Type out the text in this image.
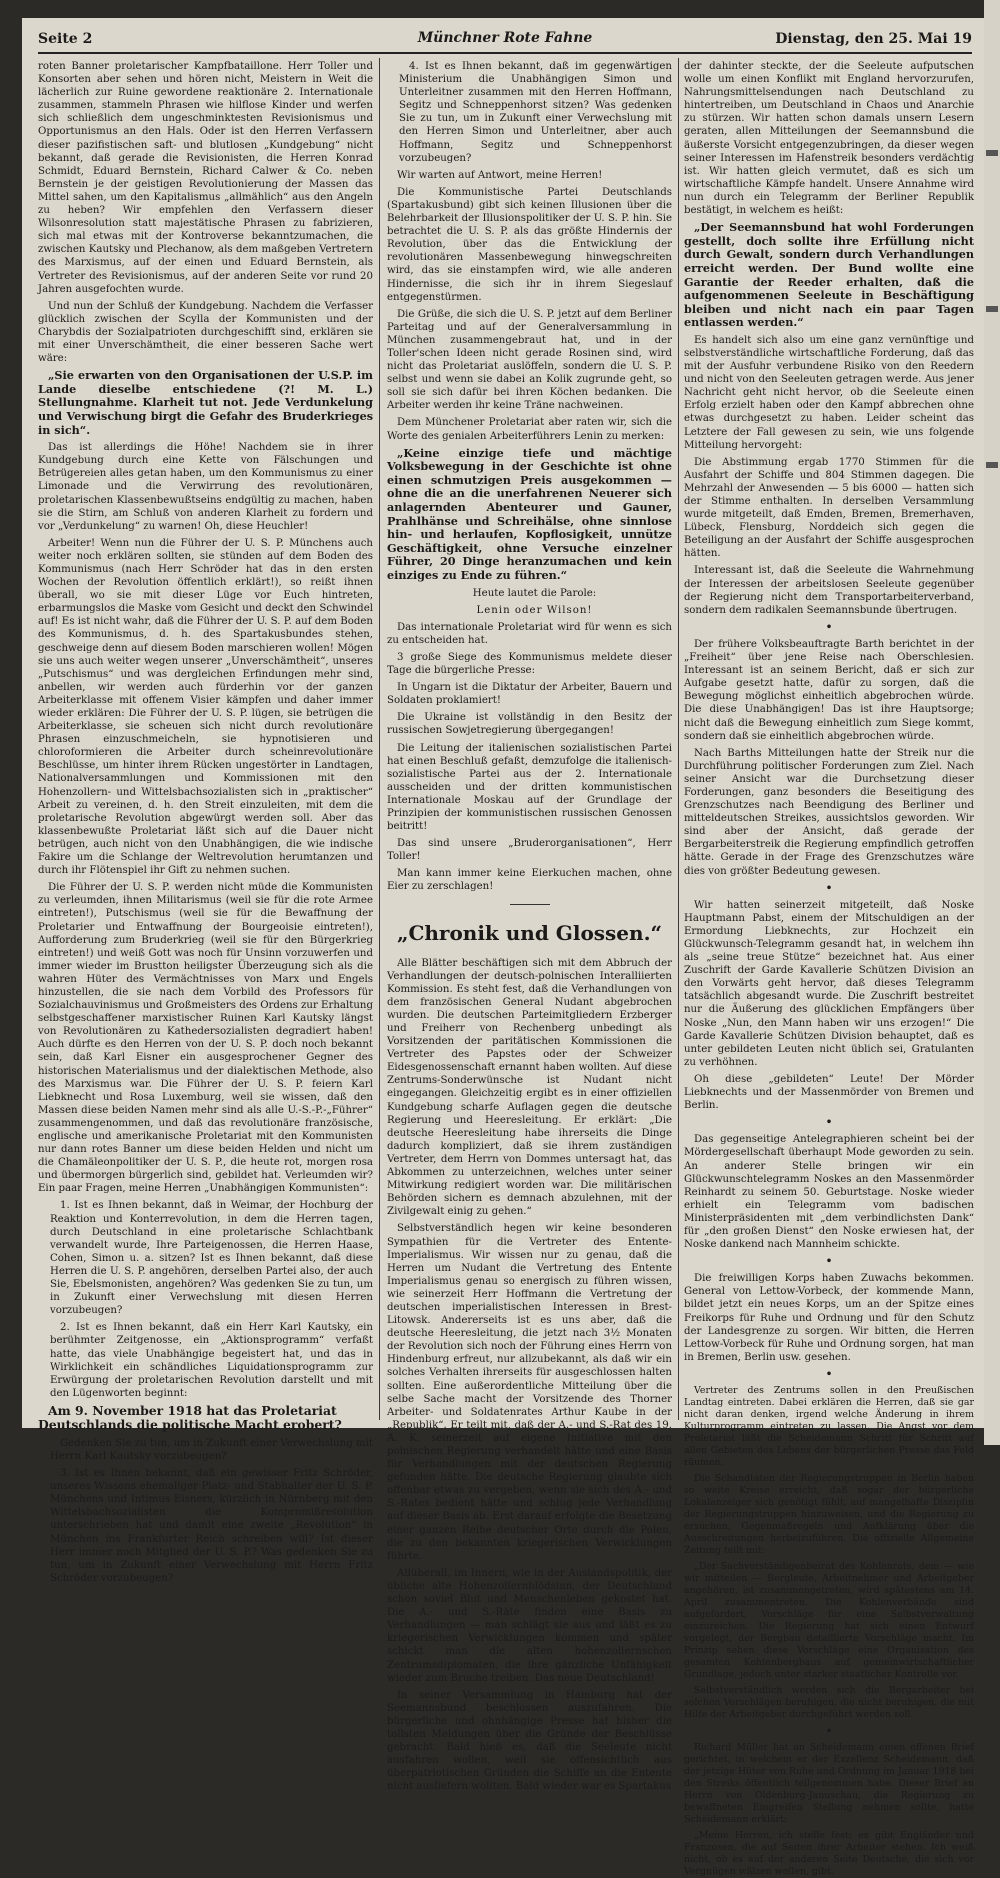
Seite 2	Münchner Rote Fahne	Dienstag, den 25. Mai 19

roten Banner proletarischer Kampfbataillone. Herr Toller und Konsorten aber sehen und hören nicht, Meistern in Weit die lächerlich zur Ruine gewordene reaktionäre 2. Internationale zusammen, stammeln Phrasen wie hilflose Kinder und werfen sich schließlich dem ungeschminktesten Revisionismus und Opportunismus an den Hals. Oder ist den Herren Verfassern dieser pazifistischen saft- und blutlosen „Kundgebung“ nicht bekannt, daß gerade die Revisionisten, die Herren Konrad Schmidt, Eduard Bernstein, Richard Calwer & Co. neben Bernstein je der geistigen Revolutionierung der Massen das Mittel sahen, um den Kapitalismus „allmählich“ aus den Angeln zu heben? Wir empfehlen den Verfassern dieser Wilsonresolution statt majestätische Phrasen zu fabrizieren, sich mal etwas mit der Kontroverse bekanntzumachen, die zwischen Kautsky und Plechanow, als dem maßgeben Vertretern des Marxismus, auf der einen und Eduard Bernstein, als Vertreter des Revisionismus, auf der anderen Seite vor rund 20 Jahren ausgefochten wurde.

Und nun der Schluß der Kundgebung. Nachdem die Verfasser glücklich zwischen der Scylla der Kommunisten und der Charybdis der Sozialpatrioten durchgeschifft sind, erklären sie mit einer Unverschämtheit, die einer besseren Sache wert wäre:

„Sie erwarten von den Organisationen der U.S.P. im Lande dieselbe entschiedene (?! M. L.) Stellungnahme. Klarheit tut not. Jede Verdunkelung und Verwischung birgt die Gefahr des Bruderkrieges in sich“.

Das ist allerdings die Höhe! Nachdem sie in ihrer Kundgebung durch eine Kette von Fälschungen und Betrügereien alles getan haben, um den Kommunismus zu einer Limonade und die Verwirrung des revolutionären, proletarischen Klassenbewußtseins endgültig zu machen, haben sie die Stirn, am Schluß von anderen Klarheit zu fordern und vor „Verdunkelung“ zu warnen! Oh, diese Heuchler!

Arbeiter! Wenn nun die Führer der U. S. P. Münchens auch weiter noch erklären sollten, sie stünden auf dem Boden des Kommunismus (nach Herr Schröder hat das in den ersten Wochen der Revolution öffentlich erklärt!), so reißt ihnen überall, wo sie mit dieser Lüge vor Euch hintreten, erbarmungslos die Maske vom Gesicht und deckt den Schwindel auf! Es ist nicht wahr, daß die Führer der U. S. P. auf dem Boden des Kommunismus, d. h. des Spartakusbundes stehen, geschweige denn auf diesem Boden marschieren wollen! Mögen sie uns auch weiter wegen unserer „Unverschämtheit“, unseres „Putschismus“ und was dergleichen Erfindungen mehr sind, anbellen, wir werden auch fürderhin vor der ganzen Arbeiterklasse mit offenem Visier kämpfen und daher immer wieder erklären: Die Führer der U. S. P. lügen, sie betrügen die Arbeiterklasse, sie scheuen sich nicht durch revolutionäre Phrasen einzuschmeicheln, sie hypnotisieren und chloroformieren die Arbeiter durch scheinrevolutionäre Beschlüsse, um hinter ihrem Rücken ungestörter in Landtagen, Nationalversammlungen und Kommissionen mit den Hohenzollern- und Wittelsbachsozialisten sich in „praktischer“ Arbeit zu vereinen, d. h. den Streit einzuleiten, mit dem die proletarische Revolution abgewürgt werden soll. Aber das klassenbewußte Proletariat läßt sich auf die Dauer nicht betrügen, auch nicht von den Unabhängigen, die wie indische Fakire um die Schlange der Weltrevolution herumtanzen und durch ihr Flötenspiel ihr Gift zu nehmen suchen.

Die Führer der U. S. P. werden nicht müde die Kommunisten zu verleumden, ihnen Militarismus (weil sie für die rote Armee eintreten!), Putschismus (weil sie für die Bewaffnung der Proletarier und Entwaffnung der Bourgeoisie eintreten!), Aufforderung zum Bruderkrieg (weil sie für den Bürgerkrieg eintreten!) und weiß Gott was noch für Unsinn vorzuwerfen und immer wieder im Brustton heiligster Überzeugung sich als die wahren Hüter des Vermächtnisses von Marx und Engels hinzustellen, die sie nach dem Vorbild des Professors für Sozialchauvinismus und Großmeisters des Ordens zur Erhaltung selbstgeschaffener marxistischer Ruinen Karl Kautsky längst von Revolutionären zu Kathedersozialisten degradiert haben! Auch dürfte es den Herren von der U. S. P. doch noch bekannt sein, daß Karl Eisner ein ausgesprochener Gegner des historischen Materialismus und der dialektischen Methode, also des Marxismus war. Die Führer der U. S. P. feiern Karl Liebknecht und Rosa Luxemburg, weil sie wissen, daß den Massen diese beiden Namen mehr sind als alle U.-S.-P.-„Führer“ zusammengenommen, und daß das revolutionäre französische, englische und amerikanische Proletariat mit den Kommunisten nur dann rotes Banner um diese beiden Helden und nicht um die Chamäleonpolitiker der U. S. P., die heute rot, morgen rosa und übermorgen bürgerlich sind, gebildet hat. Verleumden wir? Ein paar Fragen, meine Herren „Unabhängigen Kommunisten“:

1. Ist es Ihnen bekannt, daß in Weimar, der Hochburg der Reaktion und Konterrevolution, in dem die Herren tagen, durch Deutschland in eine proletarische Schlachtbank verwandelt wurde, Ihre Parteigenossen, die Herren Haase, Cohen, Simon u. a. sitzen? Ist es Ihnen bekannt, daß diese Herren die U. S. P. angehören, derselben Partei also, der auch Sie, Ebelsmonisten, angehören? Was gedenken Sie zu tun, um in Zukunft einer Verwechslung mit diesen Herren vorzubeugen?

2. Ist es Ihnen bekannt, daß ein Herr Karl Kautsky, ein berühmter Zeitgenosse, ein „Aktionsprogramm“ verfaßt hatte, das viele Unabhängige begeistert hat, und das in Wirklichkeit ein schändliches Liquidationsprogramm zur Erwürgung der proletarischen Revolution darstellt und mit den Lügenworten beginnt:

Am 9. November 1918 hat das Proletariat Deutschlands die politische Macht erobert?

Gedenken Sie zu tun, um in Zukunft einer Verwechslung mit Herrn Karl Kautsky vorzubeugen?

3. Ist es Ihnen bekannt, daß ein gewisser Fritz Schröder, unseres Wissens ehemaliger Platz- und Stabhalter der U. S. P. Münchens und Intimus Eisners, kürzlich in Nürnberg mit den Wittelsbachsozialisten die Kompromißresolution unterschrieben hat und damit eine zweite „Revolution“ in München ins Frankfurter Reich schreiben will? Ist dieser Herr immer noch Mitglied der U. S. P.? Was gedenken Sie zu tun, um in Zukunft einer Verwechslung mit Herrn Fritz Schröder vorzubeugen?

4. Ist es Ihnen bekannt, daß im gegenwärtigen Ministerium die Unabhängigen Simon und Unterleitner zusammen mit den Herren Hoffmann, Segitz und Schneppenhorst sitzen? Was gedenken Sie zu tun, um in Zukunft einer Verwechslung mit den Herren Simon und Unterleitner, aber auch Hoffmann, Segitz und Schneppenhorst vorzubeugen?

Wir warten auf Antwort, meine Herren!

Die Kommunistische Partei Deutschlands (Spartakusbund) gibt sich keinen Illusionen über die Belehrbarkeit der Illusionspolitiker der U. S. P. hin. Sie betrachtet die U. S. P. als das größte Hindernis der Revolution, über das die Entwicklung der revolutionären Massenbewegung hinwegschreiten wird, das sie einstampfen wird, wie alle anderen Hindernisse, die sich ihr in ihrem Siegeslauf entgegenstürmen.

Die Grüße, die sich die U. S. P. jetzt auf dem Berliner Parteitag und auf der Generalversammlung in München zusammengebraut hat, und in der Toller'schen Ideen nicht gerade Rosinen sind, wird nicht das Proletariat auslöffeln, sondern die U. S. P. selbst und wenn sie dabei an Kolik zugrunde geht, so soll sie sich dafür bei ihren Köchen bedanken. Die Arbeiter werden ihr keine Träne nachweinen.

Dem Münchener Proletariat aber raten wir, sich die Worte des genialen Arbeiterführers Lenin zu merken:

„Keine einzige tiefe und mächtige Volksbewegung in der Geschichte ist ohne einen schmutzigen Preis ausgekommen — ohne die an die unerfahrenen Neuerer sich anlagernden Abenteurer und Gauner, Prahlhänse und Schreihälse, ohne sinnlose hin- und herlaufen, Kopflosigkeit, unnütze Geschäftigkeit, ohne Versuche einzelner Führer, 20 Dinge heranzumachen und kein einziges zu Ende zu führen.“

Heute lautet die Parole:

Lenin oder Wilson!

Das internationale Proletariat wird für wenn es sich zu entscheiden hat.

3 große Siege des Kommunismus meldete dieser Tage die bürgerliche Presse:

In Ungarn ist die Diktatur der Arbeiter, Bauern und Soldaten proklamiert!

Die Ukraine ist vollständig in den Besitz der russischen Sowjetregierung übergegangen!

Die Leitung der italienischen sozialistischen Partei hat einen Beschluß gefaßt, demzufolge die italienisch-sozialistische Partei aus der 2. Internationale ausscheiden und der dritten kommunistischen Internationale Moskau auf der Grundlage der Prinzipien der kommunistischen russischen Genossen beitritt!

Das sind unsere „Bruderorganisationen“, Herr Toller!

Man kann immer keine Eierkuchen machen, ohne Eier zu zerschlagen!

„Chronik und Glossen.“

Alle Blätter beschäftigen sich mit dem Abbruch der Verhandlungen der deutsch-polnischen Interalliierten Kommission. Es steht fest, daß die Verhandlungen von dem französischen General Nudant abgebrochen wurden. Die deutschen Parteimitgliedern Erzberger und Freiherr von Rechenberg unbedingt als Vorsitzenden der paritätischen Kommissionen die Vertreter des Papstes oder der Schweizer Eidesgenossenschaft ernannt haben wollten. Auf diese Zentrums-Sonderwünsche ist Nudant nicht eingegangen. Gleichzeitig ergibt es in einer offiziellen Kundgebung scharfe Auflagen gegen die deutsche Regierung und Heeresleitung. Er erklärt: „Die deutsche Heeresleitung habe ihrerseits die Dinge dadurch kompliziert, daß sie ihrem zuständigen Vertreter, dem Herrn von Dommes untersagt hat, das Abkommen zu unterzeichnen, welches unter seiner Mitwirkung redigiert worden war. Die militärischen Behörden sichern es demnach abzulehnen, mit der Zivilgewalt einig zu gehen.“

Selbstverständlich hegen wir keine besonderen Sympathien für die Vertreter des Entente-Imperialismus. Wir wissen nur zu genau, daß die Herren um Nudant die Vertretung des Entente Imperialismus genau so energisch zu führen wissen, wie seinerzeit Herr Hoffmann die Vertretung der deutschen imperialistischen Interessen in Brest-Litowsk. Andererseits ist es uns aber, daß die deutsche Heeresleitung, die jetzt nach 3½ Monaten der Revolution sich noch der Führung eines Herrn von Hindenburg erfreut, nur allzubekannt, als daß wir ein solches Verhalten ihrerseits für ausgeschlossen halten sollten. Eine außerordentliche Mitteilung über die selbe Sache macht der Vorsitzende des Thorner Arbeiter- und Soldatenrates Arthur Kaube in der „Republik“. Er teilt mit, daß der A.- und S.-Rat des 19. A. K. seinerzeit auf eigene Initiative mit den polnischen Regierung verhandelt hätte und eine Basis für Verhandlungen mit der deutschen Regierung gefunden hätte. Die deutsche Regierung glaubte sich offenbar etwas zu vergeben, wenn sie sich des A.- und S.-Rates bedient hätte und schlug jede Verhandlung auf dieser Basis ab. Erst darauf erfolgte die Besetzung einer ganzen Reihe deutscher Orte durch die Polen, die zu den bekannten kriegerischen Verwicklungen führte.

Allüberall, im Innern, wie in der Auslandspolitik, der übliche alte Hohenzollernblödsinn, der Deutschland schon soviel Blut und Menschenleben gekostet hat. Die A.- und S.-Räte finden eine Basis zu Verhandlungen — man schlägt sie aus und läßt es zu kriegerischen Verwicklungen kommen und später schickt man die alten hohenzollernschen Zentrumsdiplomaten, die ihre gänzliche Unfähigkeit wieder zum Bruche treiben. Das neue Deutschland!

In seiner Versammlung in Hamburg hat der Seemannsbund beschlossen auszufahren. Die bürgerliche und ohnhängige Presse hat bisher die tollsten Meldungen über die Gründe der Beschlüsse gebracht. Bald hieß es, daß die Seeleute nicht ausfahren wollen, weil sie offensichtlich aus überpatriotischen Gründen die Schiffe an die Entente nicht ausliefern wollten. Bald wieder war es Spartakus

der dahinter steckte, der die Seeleute aufputschen wolle um einen Konflikt mit England hervorzurufen, Nahrungsmittelsendungen nach Deutschland zu hintertreiben, um Deutschland in Chaos und Anarchie zu stürzen. Wir hatten schon damals unsern Lesern geraten, allen Mitteilungen der Seemannsbund die äußerste Vorsicht entgegenzubringen, da dieser wegen seiner Interessen im Hafenstreik besonders verdächtig ist. Wir hatten gleich vermutet, daß es sich um wirtschaftliche Kämpfe handelt. Unsere Annahme wird nun durch ein Telegramm der Berliner Republik bestätigt, in welchem es heißt:

„Der Seemannsbund hat wohl Forderungen gestellt, doch sollte ihre Erfüllung nicht durch Gewalt, sondern durch Verhandlungen erreicht werden. Der Bund wollte eine Garantie der Reeder erhalten, daß die aufgenommenen Seeleute in Beschäftigung bleiben und nicht nach ein paar Tagen entlassen werden.“

Es handelt sich also um eine ganz vernünftige und selbstverständliche wirtschaftliche Forderung, daß das mit der Ausfuhr verbundene Risiko von den Reedern und nicht von den Seeleuten getragen werde. Aus jener Nachricht geht nicht hervor, ob die Seeleute einen Erfolg erzielt haben oder den Kampf abbrechen ohne etwas durchgesetzt zu haben. Leider scheint das Letztere der Fall gewesen zu sein, wie uns folgende Mitteilung hervorgeht:

Die Abstimmung ergab 1770 Stimmen für die Ausfahrt der Schiffe und 804 Stimmen dagegen. Die Mehrzahl der Anwesenden — 5 bis 6000 — hatten sich der Stimme enthalten. In derselben Versammlung wurde mitgeteilt, daß Emden, Bremen, Bremerhaven, Lübeck, Flensburg, Norddeich sich gegen die Beteiligung an der Ausfahrt der Schiffe ausgesprochen hätten.

Interessant ist, daß die Seeleute die Wahrnehmung der Interessen der arbeitslosen Seeleute gegenüber der Regierung nicht dem Transportarbeiterverband, sondern dem radikalen Seemannsbunde übertrugen.

•

Der frühere Volksbeauftragte Barth berichtet in der „Freiheit“ über jene Reise nach Oberschlesien. Interessant ist an seinem Bericht, daß er sich zur Aufgabe gesetzt hatte, dafür zu sorgen, daß die Bewegung möglichst einheitlich abgebrochen würde. Die diese Unabhängigen! Das ist ihre Hauptsorge; nicht daß die Bewegung einheitlich zum Siege kommt, sondern daß sie einheitlich abgebrochen würde.

Nach Barths Mitteilungen hatte der Streik nur die Durchführung politischer Forderungen zum Ziel. Nach seiner Ansicht war die Durchsetzung dieser Forderungen, ganz besonders die Beseitigung des Grenzschutzes nach Beendigung des Berliner und mitteldeutschen Streikes, aussichtslos geworden. Wir sind aber der Ansicht, daß gerade der Bergarbeiterstreik die Regierung empfindlich getroffen hätte. Gerade in der Frage des Grenzschutzes wäre dies von größter Bedeutung gewesen.

•

Wir hatten seinerzeit mitgeteilt, daß Noske Hauptmann Pabst, einem der Mitschuldigen an der Ermordung Liebknechts, zur Hochzeit ein Glückwunsch-Telegramm gesandt hat, in welchem ihn als „seine treue Stütze“ bezeichnet hat. Aus einer Zuschrift der Garde Kavallerie Schützen Division an den Vorwärts geht hervor, daß dieses Telegramm tatsächlich abgesandt wurde. Die Zuschrift bestreitet nur die Äußerung des glücklichen Empfängers über Noske „Nun, den Mann haben wir uns erzogen!“ Die Garde Kavallerie Schützen Division behauptet, daß es unter gebildeten Leuten nicht üblich sei, Gratulanten zu verhöhnen.

Oh diese „gebildeten“ Leute! Der Mörder Liebknechts und der Massenmörder von Bremen und Berlin.

•

Das gegenseitige Antelegraphieren scheint bei der Mördergesellschaft überhaupt Mode geworden zu sein. An anderer Stelle bringen wir ein Glückwunschtelegramm Noskes an den Massenmörder Reinhardt zu seinem 50. Geburtstage. Noske wieder erhielt ein Telegramm vom badischen Ministerpräsidenten mit „dem verbindlichsten Dank“ für „den großen Dienst“ den Noske erwiesen hat, der Noske dankend nach Mannheim schickte.

•

Die freiwilligen Korps haben Zuwachs bekommen. General von Lettow-Vorbeck, der kommende Mann, bildet jetzt ein neues Korps, um an der Spitze eines Freikorps für Ruhe und Ordnung und für den Schutz der Landesgrenze zu sorgen. Wir bitten, die Herren Lettow-Vorbeck für Ruhe und Ordnung sorgen, hat man in Bremen, Berlin usw. gesehen.

•

Vertreter des Zentrums sollen in den Preußischen Landtag eintreten. Dabei erklären die Herren, daß sie gar nicht daran denken, irgend welche Änderung in ihrem Kulturprogramm eintreten zu lassen. Die Angst vor dem Proletariat läßt die Scheidemann Schritt für Schritt auf allen Gebieten des Lebens der bürgerlichen Presse das Feld räumen.

Die Schandtaten der Regierungstruppen in Berlin haben so weite Kreise erreicht, daß sogar der bürgerliche Lokalanzeiger sich genötigt fühlt, auf mangelhafte Disziplin der Regierungstruppen hinzuweisen, und die Regierung zu ersuchen, Gegenmaßregeln und Aufklärung über die Ausschreitungen herbeizuführen. Die offizielle Allgemeine Zeitung teilt mit:

„Der Sachverständigenbeirat des Kohlenrats, dem — wie wir mitteilen — Bergleute, Arbeitnehmer und Arbeitgeber angehören, ist zusammengetreten, wird spätestens am 14. April zusammentreten. Die Kohlenverbände sind aufgefordert, Vorschläge für eine Selbstverwaltung einzureichen. Die Regierung hat sich einen Entwurf vorgelegt, der Bergbau detaillierte Vorschläge macht. Im Prinzip sehen diese Vorschläge eine Organisation des gesamten Kohlenbergbaus auf gemeinwirtschaftlicher Grundlage, jedoch unter starker staatlicher Kontrolle vor.

Selbstverständlich werden sich die Bergarbeiter bei solchen Vorschlägen beruhigen, die nicht beruhigen, die mit Hilfe der Arbeitgeber durchgeführt werden soll.

•

Richard Müller hat an Scheidemann einen offenen Brief gerichtet, in welchem er der Exzellenz Scheidemann, daß der jetzige Hüter von Ruhe und Ordnung im Januar 1918 bei den Streiks öffentlich teilgenommen habe. Dieser Brief an Herrn von Oldenburg-Januschau, die Regierung zu bewaffneten Eingreifen Stellung nehmen sollte, hatte Scheidemann erklärt:

„Meine Herren, ich stelle fest: es gibt Engländer und Franzosen, die auf Seiten ihrer Arbeiter stehen. Ich weiß nicht, ob es auf der anderen Seite Deutsche, die sich vor Vergnügen wälzen wollen, gibt.
